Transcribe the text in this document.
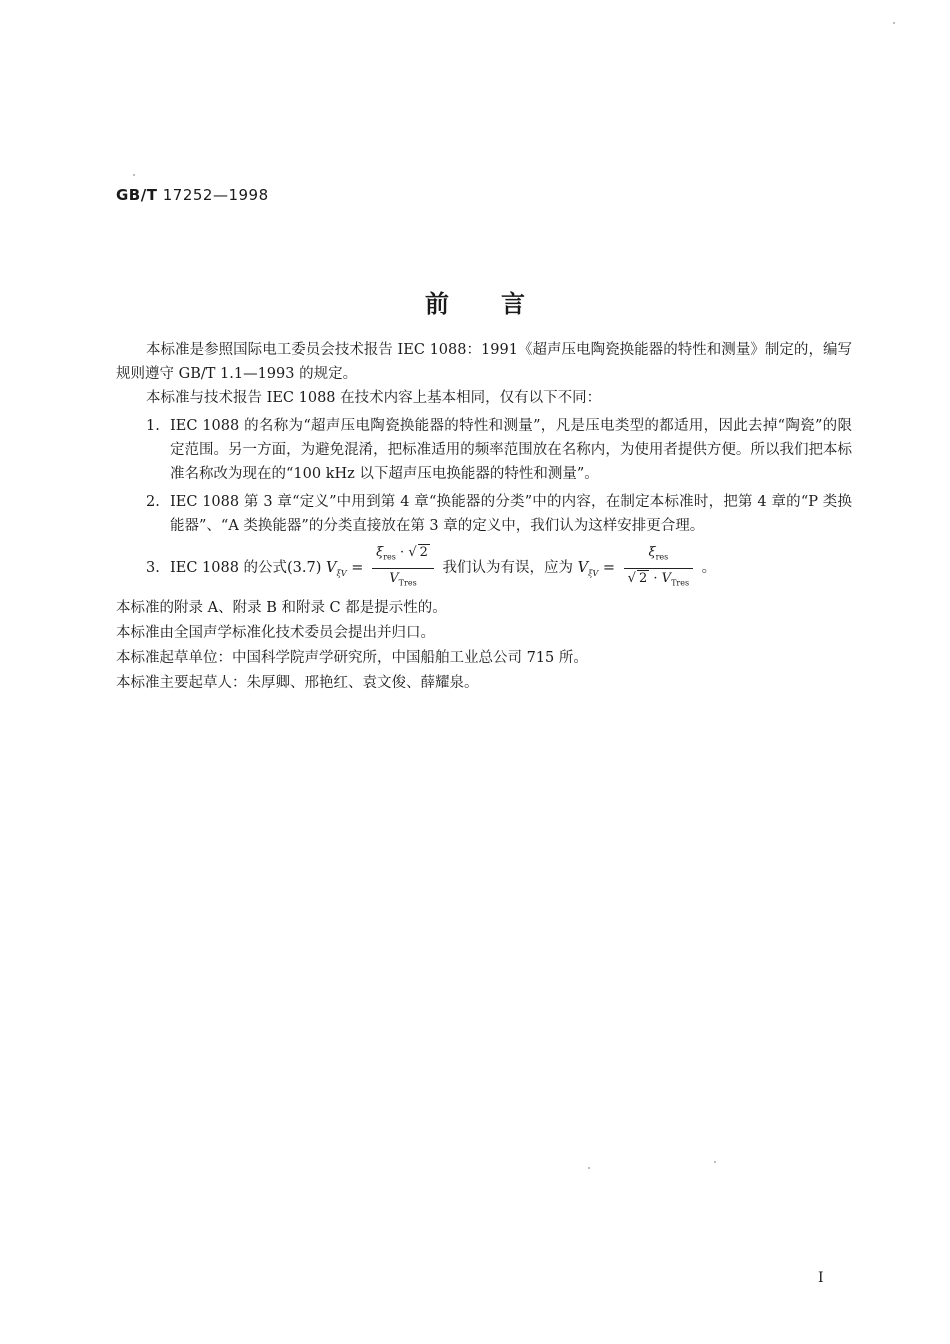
GB/T 17252—1998
前言

本标准是参照国际电工委员会技术报告 IEC 1088：1991《超声压电陶瓷换能器的特性和测量》制定的，编写规则遵守 GB/T 1.1—1993 的规定。

本标准与技术报告 IEC 1088 在技术内容上基本相同，仅有以下不同：

1. IEC 1088 的名称为“超声压电陶瓷换能器的特性和测量”，凡是压电类型的都适用，因此去掉“陶瓷”的限定范围。另一方面，为避免混淆，把标准适用的频率范围放在名称内，为使用者提供方便。所以我们把本标准名称改为现在的“100 kHz 以下超声压电换能器的特性和测量”。
2. IEC 1088 第 3 章“定义”中用到第 4 章“换能器的分类”中的内容，在制定本标准时，把第 4 章的“P 类换能器”、“A 类换能器”的分类直接放在第 3 章的定义中，我们认为这样安排更合理。
3. IEC 1088 的公式(3.7) $V_{\xi V} = \frac{\xi_{res} \cdot √ 2}{V_{Tres}}$ 我们认为有误，应为 $V_{\xi V} = \frac{\xi_{res}}{√ 2 \cdot V_{Tres}}$ 。

本标准的附录 A、附录 B 和附录 C 都是提示性的。

本标准由全国声学标准化技术委员会提出并归口。

本标准起草单位：中国科学院声学研究所，中国船舶工业总公司 715 所。

本标准主要起草人：朱厚卿、邢艳红、袁文俊、薛耀泉。

I
